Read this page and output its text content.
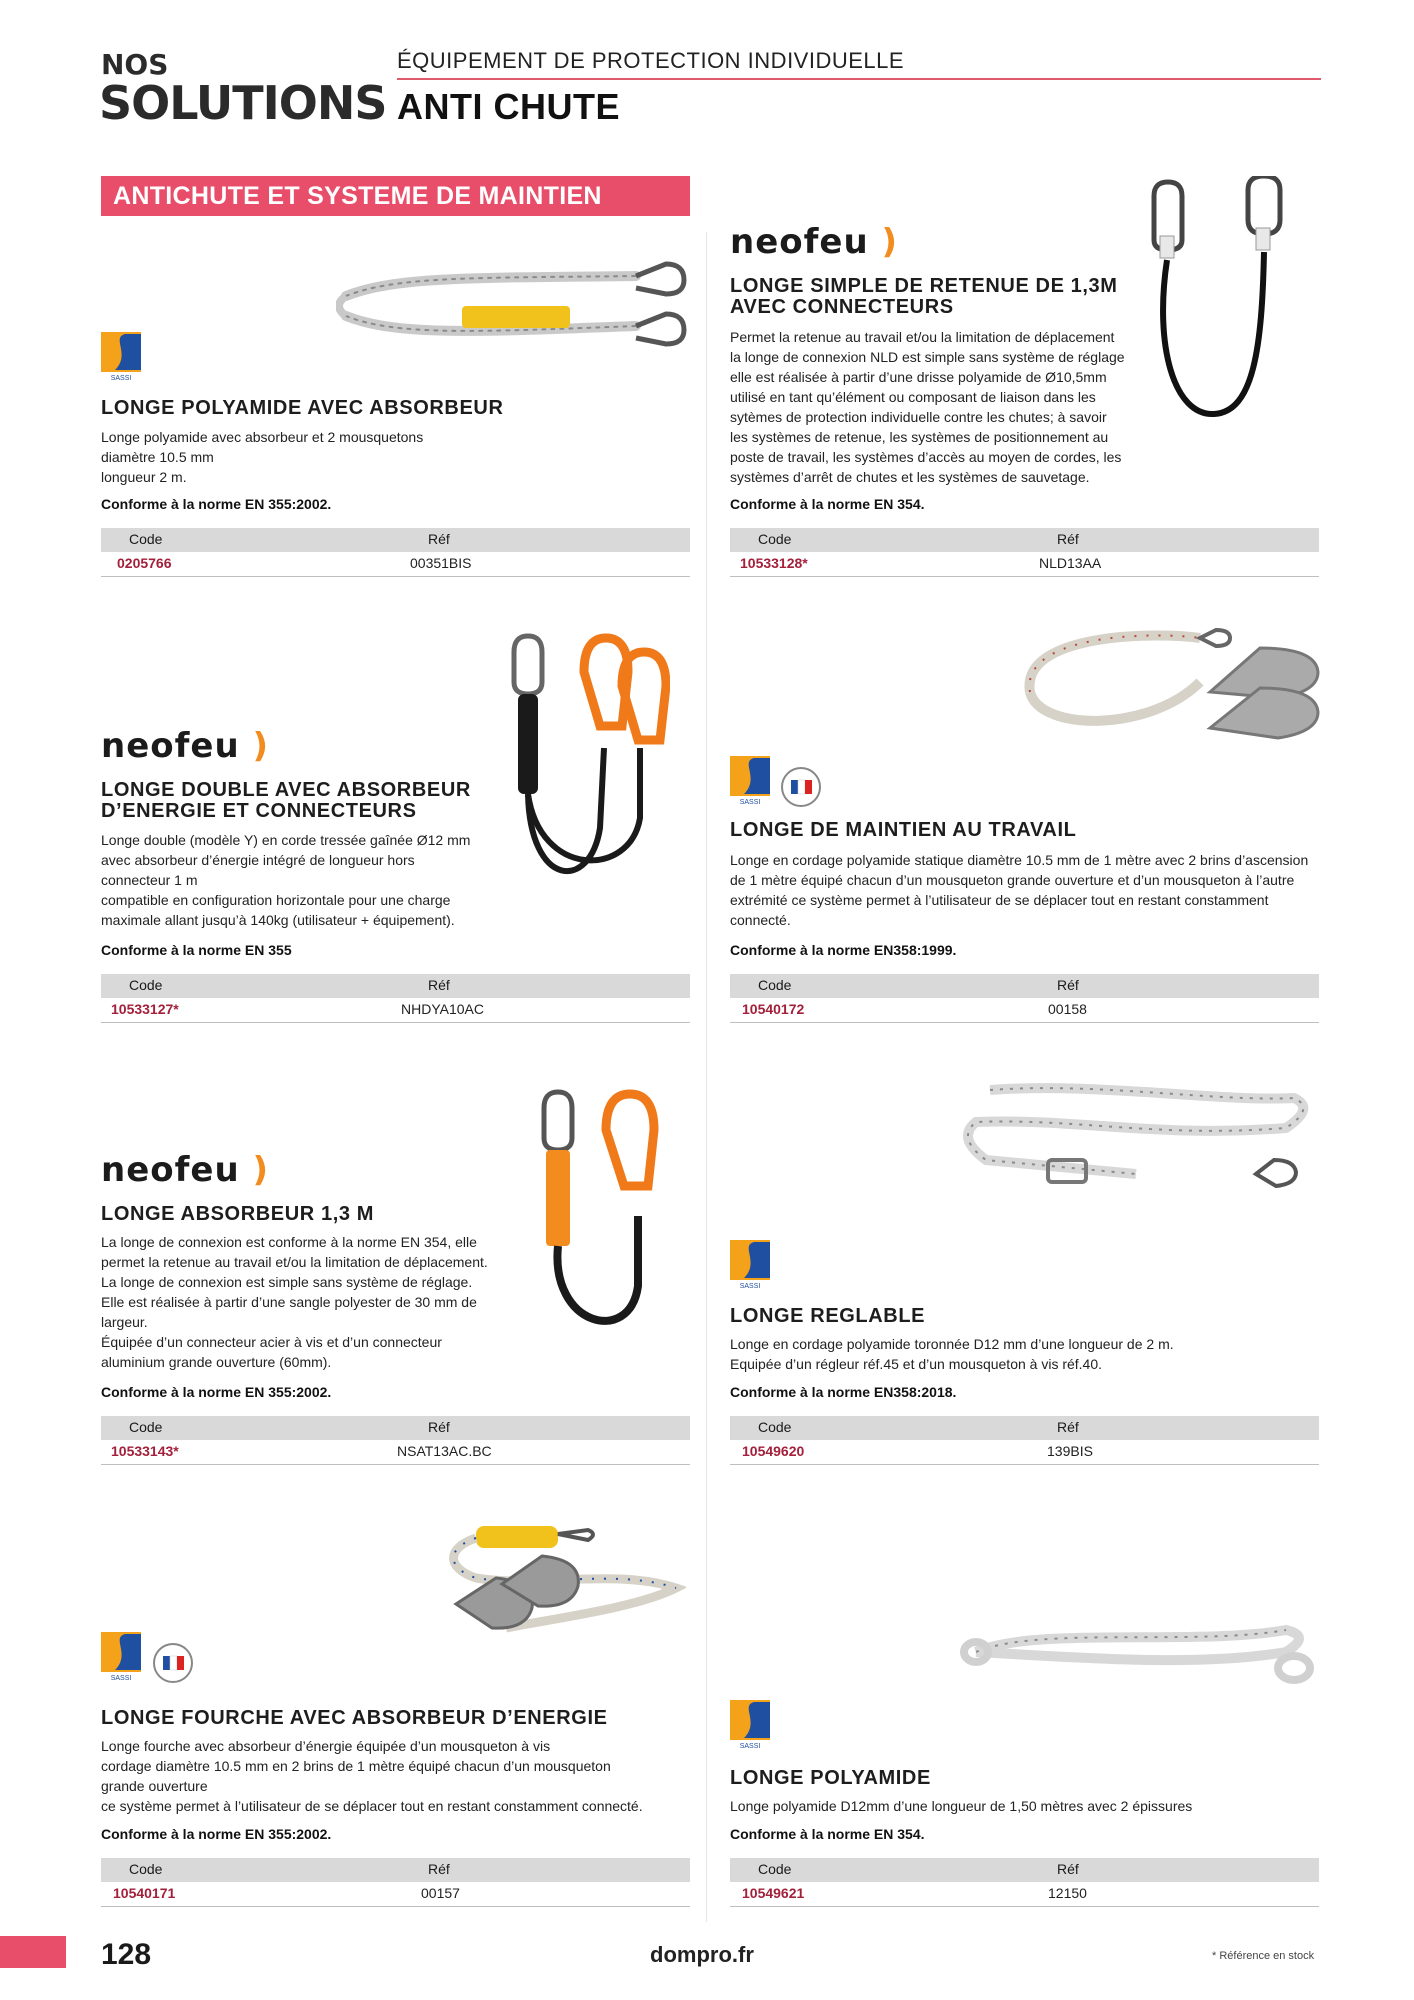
NOS
SOLUTIONS
ÉQUIPEMENT DE PROTECTION INDIVIDUELLE
ANTI CHUTE
ANTICHUTE ET SYSTEME DE MAINTIEN
SASSI
LONGE POLYAMIDE AVEC ABSORBEUR
Longe polyamide avec absorbeur et 2 mousquetons
diamètre 10.5 mm
longueur 2 m.
Conforme à la norme EN 355:2002.
Code	Réf
0205766	00351BIS
neofeu )
LONGE SIMPLE DE RETENUE DE 1,3M
AVEC CONNECTEURS
Permet la retenue au travail et/ou la limitation de déplacement
la longe de connexion NLD est simple sans système de réglage
elle est réalisée à partir d’une drisse polyamide de Ø10,5mm
utilisé en tant qu’élément ou composant de liaison dans les
sytèmes de protection individuelle contre les chutes; à savoir
les systèmes de retenue, les systèmes de positionnement au
poste de travail, les systèmes d’accès au moyen de cordes, les
systèmes d’arrêt de chutes et les systèmes de sauvetage.
Conforme à la norme EN 354.
Code	Réf
10533128*	NLD13AA
neofeu )
LONGE DOUBLE AVEC ABSORBEUR
D’ENERGIE ET CONNECTEURS
Longe double (modèle Y) en corde tressée gaînée Ø12 mm
avec absorbeur d’énergie intégré de longueur hors
connecteur 1 m
compatible en configuration horizontale pour une charge
maximale allant jusqu’à 140kg (utilisateur + équipement).
Conforme à la norme EN 355
Code	Réf
10533127*	NHDYA10AC
SASSI
LONGE DE MAINTIEN AU TRAVAIL
Longe en cordage polyamide statique diamètre 10.5 mm de 1 mètre avec 2 brins d’ascension
de 1 mètre équipé chacun d’un mousqueton grande ouverture et d’un mousqueton à l’autre
extrémité ce système permet à l’utilisateur de se déplacer tout en restant constamment
connecté.
Conforme à la norme EN358:1999.
Code	Réf
10540172	00158
neofeu )
LONGE ABSORBEUR 1,3 M
La longe de connexion est conforme à la norme EN 354, elle
permet la retenue au travail et/ou la limitation de déplacement.
La longe de connexion est simple sans système de réglage.
Elle est réalisée à partir d’une sangle polyester de 30 mm de
largeur.
Équipée d’un connecteur acier à vis et d’un connecteur
aluminium grande ouverture (60mm).
Conforme à la norme EN 355:2002.
Code	Réf
10533143*	NSAT13AC.BC
SASSI
LONGE REGLABLE
Longe en cordage polyamide toronnée D12 mm d’une longueur de 2 m.
Equipée d’un régleur réf.45 et d’un mousqueton à vis réf.40.
Conforme à la norme EN358:2018.
Code	Réf
10549620	139BIS
SASSI
LONGE FOURCHE AVEC ABSORBEUR D’ENERGIE
Longe fourche avec absorbeur d’énergie équipée d’un mousqueton à vis
cordage diamètre 10.5 mm en 2 brins de 1 mètre équipé chacun d’un mousqueton
grande ouverture
ce système permet à l’utilisateur de se déplacer tout en restant constamment connecté.
Conforme à la norme EN 355:2002.
Code	Réf
10540171	00157
SASSI
LONGE POLYAMIDE
Longe polyamide D12mm d’une longueur de 1,50 mètres avec 2 épissures
Conforme à la norme EN 354.
Code	Réf
10549621	12150
128	dompro.fr	* Référence en stock
